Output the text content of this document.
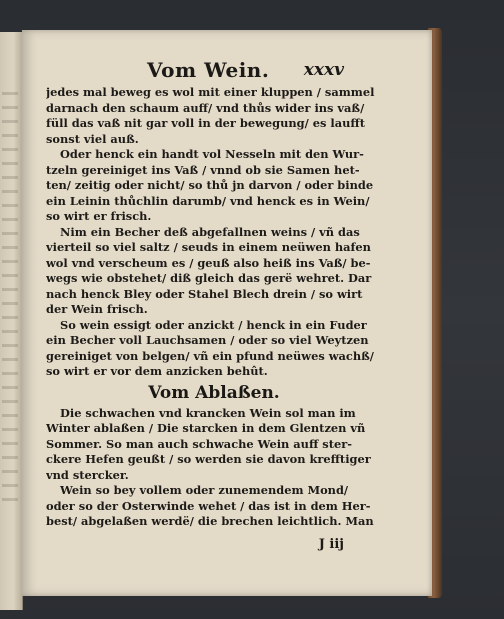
Vom Wein. xxxv
jedes mal beweg es wol mit einer kluppen / sammel
darnach den schaum auff/ vnd thůs wider ins vaß/
füll das vaß nit gar voll in der bewegung/ es laufft
sonst viel auß.
Oder henck ein handt vol Nesseln mit den Wur-
tzeln gereiniget ins Vaß / vnnd ob sie Samen het-
ten/ zeitig oder nicht/ so thů jn darvon / oder binde
ein Leinin thůchlin darumb/ vnd henck es in Wein/
so wirt er frisch.
Nim ein Becher deß abgefallnen weins / vñ das
vierteil so viel saltz / seuds in einem neüwen hafen
wol vnd verscheum es / geuß also heiß ins Vaß/ be-
wegs wie obstehet/ diß gleich das gerë wehret. Dar
nach henck Bley oder Stahel Blech drein / so wirt
der Wein frisch.
So wein essigt oder anzickt / henck in ein Fuder
ein Becher voll Lauchsamen / oder so viel Weytzen
gereiniget von belgen/ vñ ein pfund neüwes wachß/
so wirt er vor dem anzicken behût.
Vom Ablaßen.
Die schwachen vnd krancken Wein sol man im
Winter ablaßen / Die starcken in dem Glentzen vñ
Sommer. So man auch schwache Wein auff ster-
ckere Hefen geußt / so werden sie davon krefftiger
vnd stercker.
Wein so bey vollem oder zunemendem Mond/
oder so der Osterwinde wehet / das ist in dem Her-
best/ abgelaßen werdë/ die brechen leichtlich. Man
J iij
